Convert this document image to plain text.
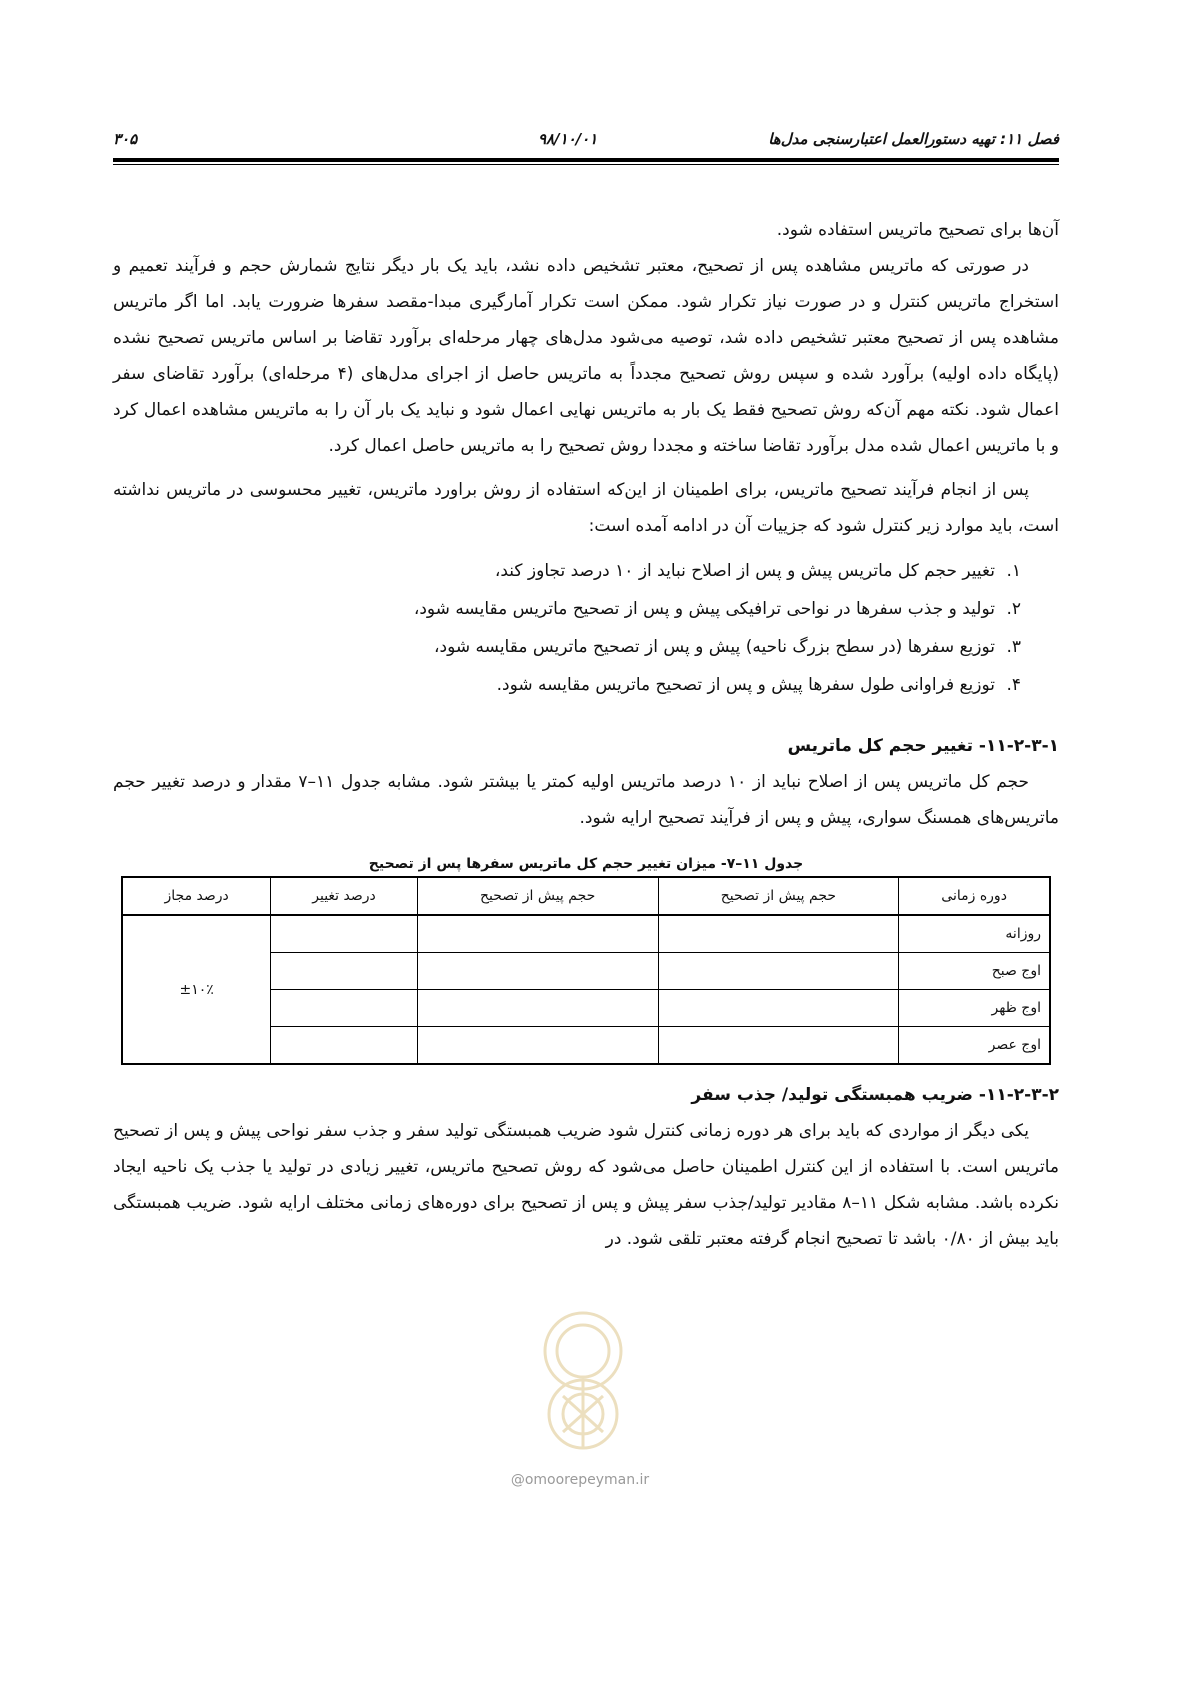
فصل ۱۱: تهیه دستورالعمل اعتبارسنجی مدل‌ها
۹۸/۱۰/۰۱
۳۰۵

آن‌ها برای تصحیح ماتریس استفاده شود.

در صورتی که ماتریس مشاهده پس از تصحیح، معتبر تشخیص داده نشد، باید یک بار دیگر نتایج شمارش حجم و فرآیند تعمیم و استخراج ماتریس کنترل و در صورت نیاز تکرار شود. ممکن است تکرار آمارگیری مبدا-مقصد سفرها ضرورت یابد. اما اگر ماتریس مشاهده پس از تصحیح معتبر تشخیص داده شد، توصیه می‌شود مدل‌های چهار مرحله‌ای برآورد تقاضا بر اساس ماتریس تصحیح نشده (پایگاه داده اولیه) برآورد شده و سپس روش تصحیح مجدداً به ماتریس حاصل از اجرای مدل‌های (۴ مرحله‌ای) برآورد تقاضای سفر اعمال شود. نکته مهم آن‌که روش تصحیح فقط یک بار به ماتریس نهایی اعمال شود و نباید یک بار آن را به ماتریس مشاهده اعمال کرد و با ماتریس اعمال شده مدل برآورد تقاضا ساخته و مجددا روش تصحیح را به ماتریس حاصل اعمال کرد.

پس از انجام فرآیند تصحیح ماتریس، برای اطمینان از این‌که استفاده از روش براورد ماتریس، تغییر محسوسی در ماتریس نداشته است، باید موارد زیر کنترل شود که جزییات آن در ادامه آمده است:

۱.تغییر حجم کل ماتریس پیش و پس از اصلاح نباید از ۱۰ درصد تجاوز کند،
۲.تولید و جذب سفرها در نواحی ترافیکی پیش و پس از تصحیح ماتریس مقایسه شود،
۳.توزیع سفرها (در سطح بزرگ ناحیه) پیش و پس از تصحیح ماتریس مقایسه شود،
۴.توزیع فراوانی طول سفرها پیش و پس از تصحیح ماتریس مقایسه شود.
۱۱-۲-۳-۱- تغییر حجم کل ماتریس

حجم کل ماتریس پس از اصلاح نباید از ۱۰ درصد ماتریس اولیه کمتر یا بیشتر شود. مشابه جدول ۱۱–۷ مقدار و درصد تغییر حجم ماتریس‌های همسنگ سواری، پیش و پس از فرآیند تصحیح ارایه شود.

جدول ۱۱–۷- میزان تغییر حجم کل ماتریس سفرها پس از تصحیح
دوره زمانی	حجم پیش از تصحیح	حجم پیش از تصحیح	درصد تغییر	درصد مجاز
روزانه				±۱۰٪
اوج صبح				
اوج ظهر				
اوج عصر				
۱۱-۲-۳-۲- ضریب همبستگی تولید/ جذب سفر

یکی دیگر از مواردی که باید برای هر دوره زمانی کنترل شود ضریب همبستگی تولید سفر و جذب سفر نواحی پیش و پس از تصحیح ماتریس است. با استفاده از این کنترل اطمینان حاصل می‌شود که روش تصحیح ماتریس، تغییر زیادی در تولید یا جذب یک ناحیه ایجاد نکرده باشد. مشابه شکل ۱۱–۸ مقادیر تولید/جذب سفر پیش و پس از تصحیح برای دوره‌های زمانی مختلف ارایه شود. ضریب همبستگی باید بیش از ۰/۸۰ باشد تا تصحیح انجام گرفته معتبر تلقی شود. در

@omoorepeyman.ir
